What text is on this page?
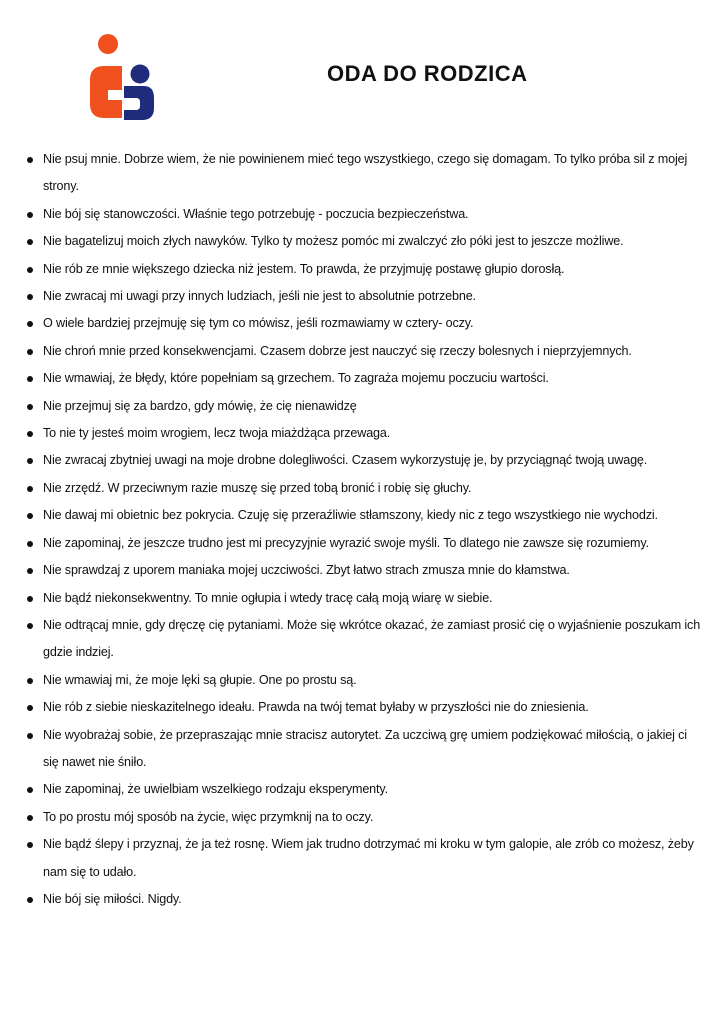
ODA DO RODZICA
Nie psuj mnie. Dobrze wiem, że nie powinienem mieć tego wszystkiego, czego się domagam. To tylko próba sil z mojej strony.
Nie bój się stanowczości. Właśnie tego potrzebuję - poczucia bezpieczeństwa.
Nie bagatelizuj moich złych nawyków. Tylko ty możesz pomóc mi zwalczyć zło póki jest to jeszcze możliwe.
Nie rób ze mnie większego dziecka niż jestem. To prawda, że przyjmuję postawę głupio dorosłą.
Nie zwracaj mi uwagi przy innych ludziach, jeśli nie jest to absolutnie potrzebne.
O wiele bardziej przejmuję się tym co mówisz, jeśli rozmawiamy w cztery- oczy.
Nie chroń mnie przed konsekwencjami. Czasem dobrze jest nauczyć się rzeczy bolesnych i nieprzyjemnych.
Nie wmawiaj, że błędy, które popełniam są grzechem. To zagraża mojemu poczuciu wartości.
Nie przejmuj się za bardzo, gdy mówię, że cię nienawidzę
To nie ty jesteś moim wrogiem, lecz twoja miażdżąca przewaga.
Nie zwracaj zbytniej uwagi na moje drobne dolegliwości. Czasem wykorzystuję je, by przyciągnąć twoją uwagę.
Nie zrzędź. W przeciwnym razie muszę się przed tobą bronić i robię się głuchy.
Nie dawaj mi obietnic bez pokrycia. Czuję się przeraźliwie stłamszony, kiedy nic z tego wszystkiego nie wychodzi.
Nie zapominaj, że jeszcze trudno jest mi precyzyjnie wyrazić swoje myśli. To dlatego nie zawsze się rozumiemy.
Nie sprawdzaj z uporem maniaka mojej uczciwości. Zbyt łatwo strach zmusza mnie do kłamstwa.
Nie bądź niekonsekwentny. To mnie ogłupia i wtedy tracę całą moją wiarę w siebie.
Nie odtrącaj mnie, gdy dręczę cię pytaniami. Może się wkrótce okazać, że zamiast prosić cię o wyjaśnienie poszukam ich gdzie indziej.
Nie wmawiaj mi, że moje lęki są głupie. One po prostu są.
Nie rób z siebie nieskazitelnego ideału. Prawda na twój temat byłaby w przyszłości nie do zniesienia.
Nie wyobrażaj sobie, że przepraszając mnie stracisz autorytet. Za uczciwą grę umiem podziękować miłością, o jakiej ci się nawet nie śniło.
Nie zapominaj, że uwielbiam wszelkiego rodzaju eksperymenty.
To po prostu mój sposób na życie, więc przymknij na to oczy.
Nie bądź ślepy i przyznaj, że ja też rosnę. Wiem jak trudno dotrzymać mi kroku w tym galopie, ale zrób co możesz, żeby nam się to udało.
Nie bój się miłości. Nigdy.
